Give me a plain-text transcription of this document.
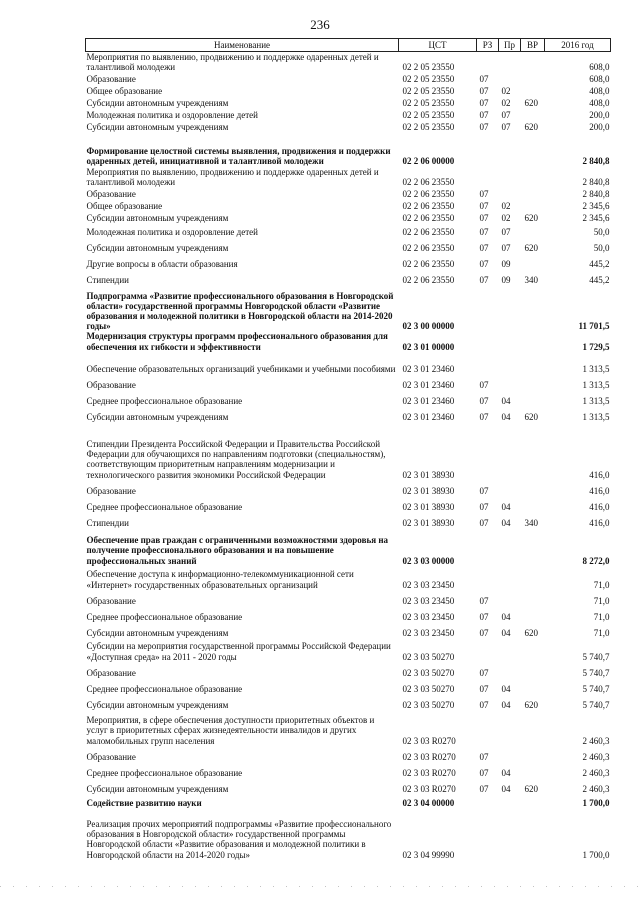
236
Наименование	ЦСТ	РЗ	Пр	ВР	2016 год
Мероприятия по выявлению, продвижению и поддержке одаренных детей и талантливой молодежи	02 2 05 23550				608,0
Образование	02 2 05 23550	07			608,0
Общее образование	02 2 05 23550	07	02		408,0
Субсидии автономным учреждениям	02 2 05 23550	07	02	620	408,0
Молодежная политика и оздоровление детей	02 2 05 23550	07	07		200,0
Субсидии автономным учреждениям	02 2 05 23550	07	07	620	200,0
Формирование целостной системы выявления, продвижения и поддержки одаренных детей, инициативной и талантливой молодежи	02 2 06 00000				2 840,8
Мероприятия по выявлению, продвижению и поддержке одаренных детей и талантливой молодежи	02 2 06 23550				2 840,8
Образование	02 2 06 23550	07			2 840,8
Общее образование	02 2 06 23550	07	02		2 345,6
Субсидии автономным учреждениям	02 2 06 23550	07	02	620	2 345,6
Молодежная политика и оздоровление детей	02 2 06 23550	07	07		50,0
Субсидии автономным учреждениям	02 2 06 23550	07	07	620	50,0
Другие вопросы в области образования	02 2 06 23550	07	09		445,2
Стипендии	02 2 06 23550	07	09	340	445,2
Подпрограмма «Развитие профессионального образования в Новгородской области» государственной программы Новгородской области «Развитие образования и молодежной политики в Новгородской области на 2014-2020 годы»	02 3 00 00000				11 701,5
Модернизация структуры программ профессионального образования для обеспечения их гибкости и эффективности	02 3 01 00000				1 729,5
Обеспечение образовательных организаций учебниками и учебными пособиями	02 3 01 23460				1 313,5
Образование	02 3 01 23460	07			1 313,5
Среднее профессиональное образование	02 3 01 23460	07	04		1 313,5
Субсидии автономным учреждениям	02 3 01 23460	07	04	620	1 313,5
Стипендии Президента Российской Федерации и Правительства Российской Федерации для обучающихся по направлениям подготовки (специальностям), соответствующим приоритетным направлениям модернизации и технологического развития экономики Российской Федерации	02 3 01 38930				416,0
Образование	02 3 01 38930	07			416,0
Среднее профессиональное образование	02 3 01 38930	07	04		416,0
Стипендии	02 3 01 38930	07	04	340	416,0
Обеспечение прав граждан с ограниченными возможностями здоровья на получение профессионального образования и на повышение профессиональных знаний	02 3 03 00000				8 272,0
Обеспечение доступа к информационно-телекоммуникационной сети «Интернет» государственных образовательных организаций	02 3 03 23450				71,0
Образование	02 3 03 23450	07			71,0
Среднее профессиональное образование	02 3 03 23450	07	04		71,0
Субсидии автономным учреждениям	02 3 03 23450	07	04	620	71,0
Субсидии на мероприятия государственной программы Российской Федерации «Доступная среда» на 2011 - 2020 годы	02 3 03 50270				5 740,7
Образование	02 3 03 50270	07			5 740,7
Среднее профессиональное образование	02 3 03 50270	07	04		5 740,7
Субсидии автономным учреждениям	02 3 03 50270	07	04	620	5 740,7
Мероприятия, в сфере обеспечения доступности приоритетных объектов и услуг в приоритетных сферах жизнедеятельности инвалидов и других маломобильных групп населения	02 3 03 R0270				2 460,3
Образование	02 3 03 R0270	07			2 460,3
Среднее профессиональное образование	02 3 03 R0270	07	04		2 460,3
Субсидии автономным учреждениям	02 3 03 R0270	07	04	620	2 460,3
Содействие развитию науки	02 3 04 00000				1 700,0
Реализация прочих мероприятий подпрограммы «Развитие профессионального образования в Новгородской области» государственной программы Новгородской области «Развитие образования и молодежной политики в Новгородской области на 2014-2020 годы»	02 3 04 99990				1 700,0
